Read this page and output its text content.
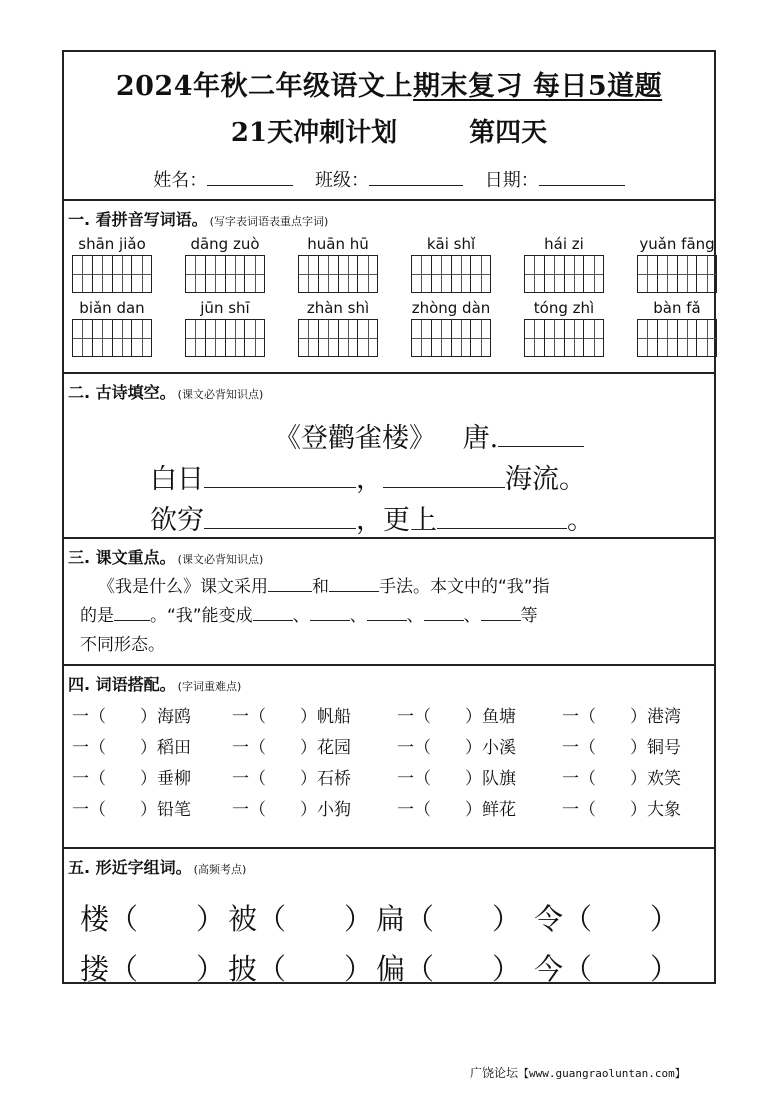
2024年秋二年级语文上期末复习 每日5道题
21天冲刺计划	第四天
姓名：	班级：	日期：
一. 看拼音写词语。 (写字表词语表重点字词)
shān jiǎo	dāng zuò	huān hū	kāi shǐ	hái zi	yuǎn fāng
biǎn dan	jūn shī	zhàn shì	zhòng dàn	tóng zhì	bàn fǎ
二. 古诗填空。 (课文必背知识点)
《登鹳雀楼》 唐.
白日	，	海流。
欲穷	，更上	。
三. 课文重点。 (课文必背知识点)
《我是什么》课文采用	和	手法。本文中的“我”指
的是 。“我”能变成 、 、 、 、 等
不同形态。
四. 词语搭配。 (字词重难点)
一（　　）海鸥 一（　　）帆船	一（　　）鱼塘	一（　　）港湾
一（　　）稻田 一（　　）花园	一（　　）小溪	一（　　）铜号
一（　　）垂柳 一（　　）石桥	一（　　）队旗	一（　　）欢笑
一（　　）铅笔 一（　　）小狗	一（　　）鲜花	一（　　）大象
五. 形近字组词。 (高频考点)
楼（　　） 被（　　） 扁（　　） 令（　　）
搂（　　） 披（　　） 偏（　　） 今（　　）
广饶论坛【www.guangraoluntan.com】
